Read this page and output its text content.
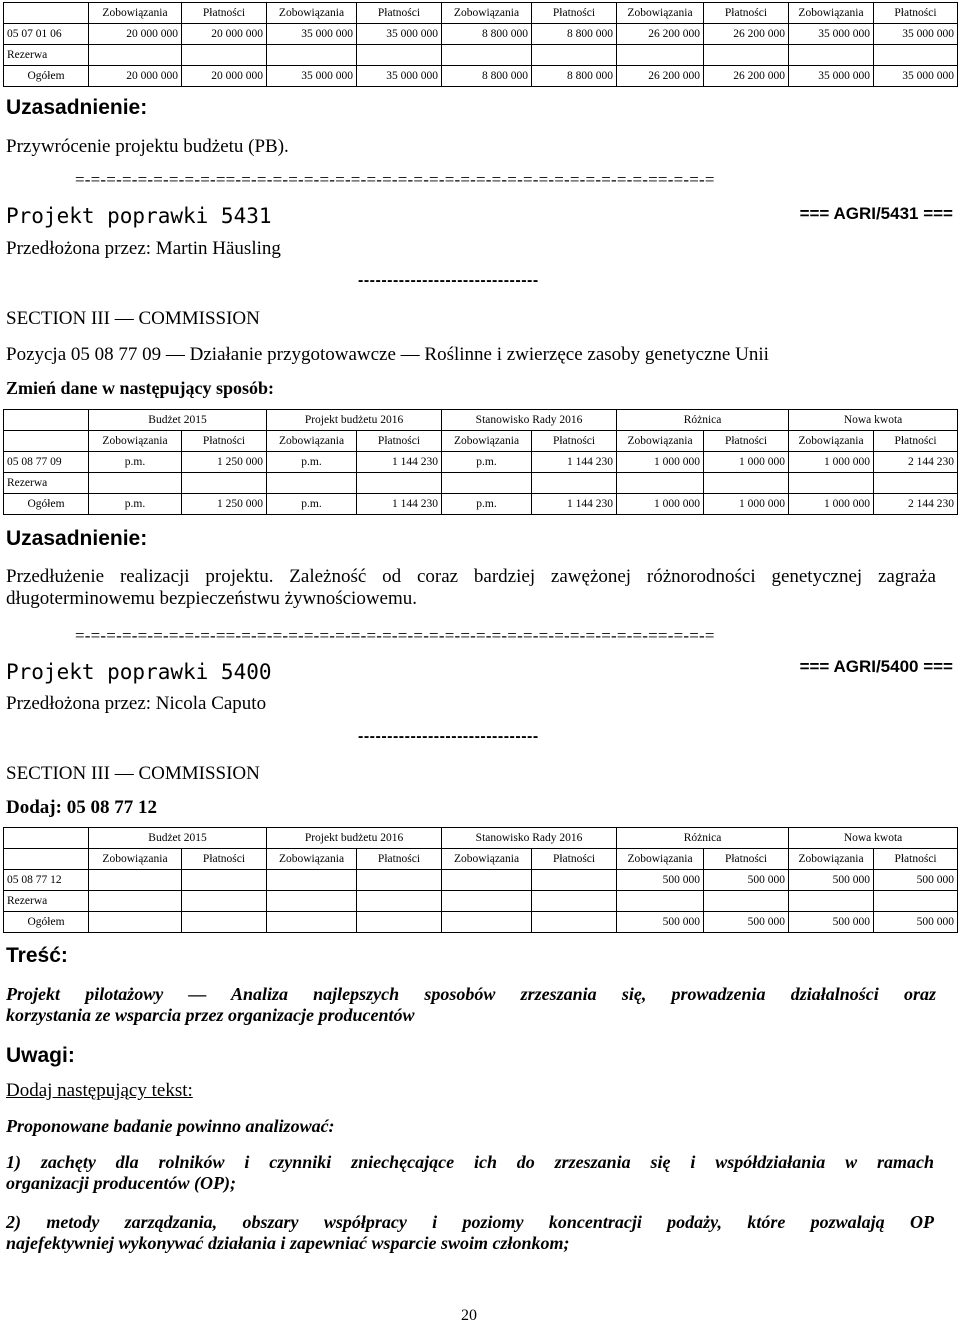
	Zobowiązania	Płatności	Zobowiązania	Płatności	Zobowiązania	Płatności	Zobowiązania	Płatności	Zobowiązania	Płatności
05 07 01 06	20 000 000	20 000 000	35 000 000	35 000 000	8 800 000	8 800 000	26 200 000	26 200 000	35 000 000	35 000 000
Rezerwa										
Ogółem	20 000 000	20 000 000	35 000 000	35 000 000	8 800 000	8 800 000	26 200 000	26 200 000	35 000 000	35 000 000
Uzasadnienie:
Przywrócenie projektu budżetu (PB).
=-=-=-=-=-=-=-=-=-==-=-=-=-=-=-=-=-=-=-=-=-=-=-=-=-=-=-=-=-=-=-=-=-=-=-=-==-=-=-=
Projekt poprawki 5431	=== AGRI/5431 ===
Przedłożona przez: Martin Häusling
-------------------------------
SECTION III — COMMISSION
Pozycja 05 08 77 09 — Działanie przygotowawcze — Roślinne i zwierzęce zasoby genetyczne Unii
Zmień dane w następujący sposób:
	Budżet 2015		Projekt budżetu 2016		Stanowisko Rady 2016		Różnica		Nowa kwota	
	Zobowiązania	Płatności	Zobowiązania	Płatności	Zobowiązania	Płatności	Zobowiązania	Płatności	Zobowiązania	Płatności
05 08 77 09	p.m.	1 250 000	p.m.	1 144 230	p.m.	1 144 230	1 000 000	1 000 000	1 000 000	2 144 230
Rezerwa										
Ogółem	p.m.	1 250 000	p.m.	1 144 230	p.m.	1 144 230	1 000 000	1 000 000	1 000 000	2 144 230
Uzasadnienie:
Przedłużenie realizacji projektu. Zależność od coraz bardziej zawężonej różnorodności genetycznej zagraża
długoterminowemu bezpieczeństwu żywnościowemu.
=-=-=-=-=-=-=-=-=-==-=-=-=-=-=-=-=-=-=-=-=-=-=-=-=-=-=-=-=-=-=-=-=-=-=-=-==-=-=-=
Projekt poprawki 5400	=== AGRI/5400 ===
Przedłożona przez: Nicola Caputo
-------------------------------
SECTION III — COMMISSION
Dodaj: 05 08 77 12
	Budżet 2015		Projekt budżetu 2016		Stanowisko Rady 2016		Różnica		Nowa kwota	
	Zobowiązania	Płatności	Zobowiązania	Płatności	Zobowiązania	Płatności	Zobowiązania	Płatności	Zobowiązania	Płatności
05 08 77 12							500 000	500 000	500 000	500 000
Rezerwa										
Ogółem							500 000	500 000	500 000	500 000
Treść:
Projekt pilotażowy — Analiza najlepszych sposobów zrzeszania się, prowadzenia działalności oraz
korzystania ze wsparcia przez organizacje producentów
Uwagi:
Dodaj następujący tekst:
Proponowane badanie powinno analizować:
1) zachęty dla rolników i czynniki zniechęcające ich do zrzeszania się i współdziałania w ramach
organizacji producentów (OP);
2) metody zarządzania, obszary współpracy i poziomy koncentracji podaży, które pozwalają OP
najefektywniej wykonywać działania i zapewniać wsparcie swoim członkom;
20
